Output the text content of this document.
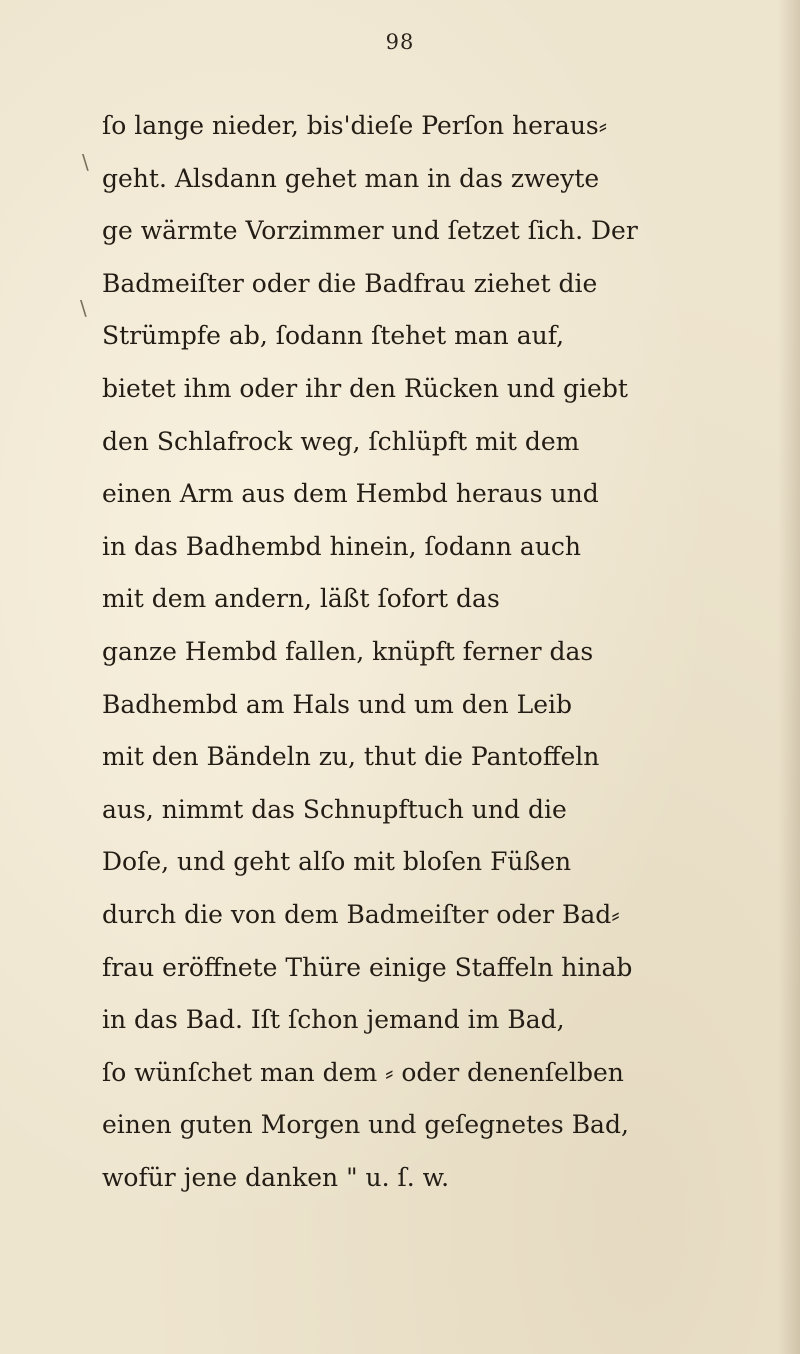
\
\
98
ſo lange nieder, bis'dieſe Perſon heraus⸗
geht. Alsdann gehet man in das zweyte
ge wärmte Vorzimmer und ſetzet ſich. Der
Badmeiſter oder die Badfrau ziehet die
Strümpfe ab, ſodann ſtehet man auf,
bietet ihm oder ihr den Rücken und giebt
den Schlafrock weg, ſchlüpft mit dem
einen Arm aus dem Hembd heraus und
in das Badhembd hinein, ſodann auch
mit dem andern, läßt ſofort das
ganze Hembd fallen, knüpft ferner das
Badhembd am Hals und um den Leib
mit den Bändeln zu, thut die Pantoffeln
aus, nimmt das Schnupftuch und die
Doſe, und geht alſo mit bloſen Füßen
durch die von dem Badmeiſter oder Bad⸗
frau eröffnete Thüre einige Staffeln hinab
in das Bad. Iſt ſchon jemand im Bad,
ſo wünſchet man dem ⸗ oder denenſelben
einen guten Morgen und geſegnetes Bad,
wofür jene danken " u. ſ. w.
